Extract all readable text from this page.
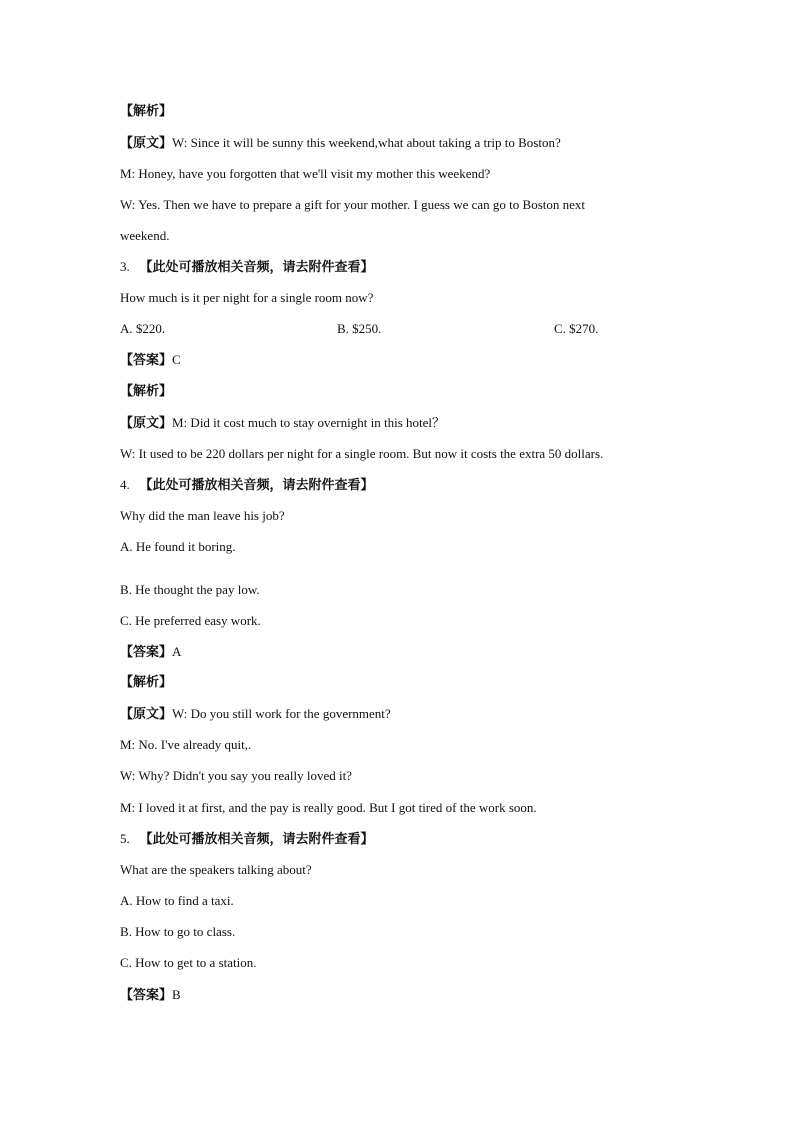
【解析】
【原文】W: Since it will be sunny this weekend,what about taking a trip to Boston?
M: Honey, have you forgotten that we'll visit my mother this weekend?
W: Yes. Then we have to prepare a gift for your mother. I guess we can go to Boston next
weekend.
3. 【此处可播放相关音频，请去附件查看】
How much is it per night for a single room now?
A. $220.	B. $250.	C. $270.
【答案】C
【解析】
【原文】M: Did it cost much to stay overnight in this hotel？
W: It used to be 220 dollars per night for a single room. But now it costs the extra 50 dollars.
4. 【此处可播放相关音频，请去附件查看】
Why did the man leave his job?
A. He found it boring.
B. He thought the pay low.
C. He preferred easy work.
【答案】A
【解析】
【原文】W: Do you still work for the government?
M: No. I've already quit,.
W: Why? Didn't you say you really loved it?
M: I loved it at first, and the pay is really good. But I got tired of the work soon.
5. 【此处可播放相关音频，请去附件查看】
What are the speakers talking about?
A. How to find a taxi.
B. How to go to class.
C. How to get to a station.
【答案】B
